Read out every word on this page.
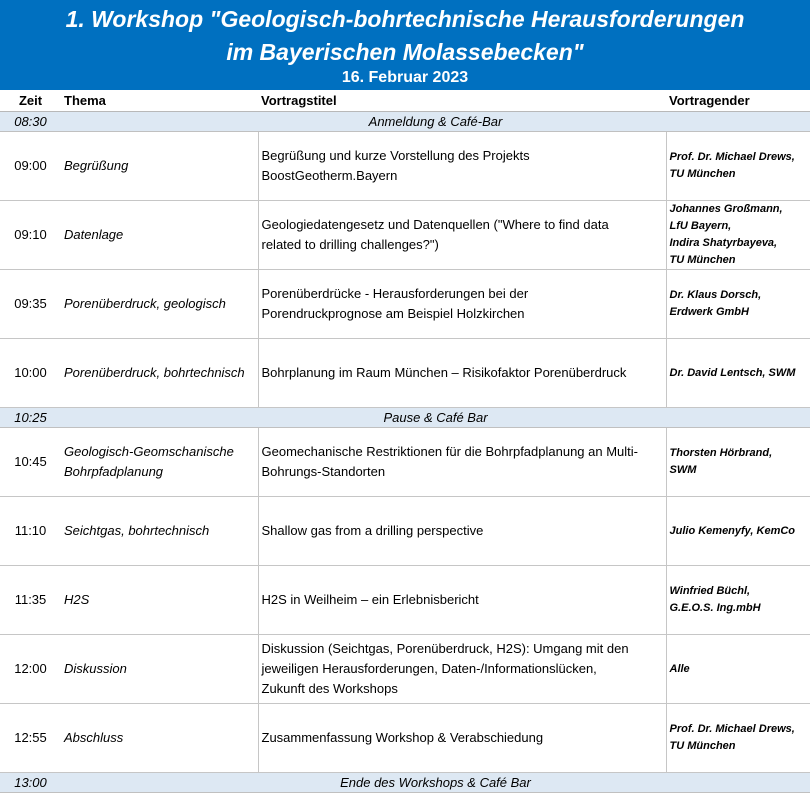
1. Workshop "Geologisch-bohrtechnische Herausforderungen
im Bayerischen Molassebecken"
16. Februar 2023
Zeit	Thema	Vortragstitel	Vortragender
08:30	Anmeldung & Café-Bar		
09:00	Begrüßung	Begrüßung und kurze Vorstellung des Projekts
BoostGeotherm.Bayern	Prof. Dr. Michael Drews,
TU München

09:10	Datenlage	Geologiedatengesetz und Datenquellen ("Where to find data
related to drilling challenges?")	Johannes Großmann,
LfU Bayern,
Indira Shatyrbayeva,
TU München

09:35	Porenüberdruck, geologisch	Porenüberdrücke - Herausforderungen bei der
Porendruckprognose am Beispiel Holzkirchen	Dr. Klaus Dorsch,
Erdwerk GmbH

10:00	Porenüberdruck, bohrtechnisch	Bohrplanung im Raum München – Risikofaktor Porenüberdruck	Dr. David Lentsch, SWM

10:25	Pause & Café Bar		
10:45	Geologisch-Geomschanische
Bohrpfadplanung	Geomechanische Restriktionen für die Bohrpfadplanung an Multi-
Bohrungs-Standorten	Thorsten Hörbrand,
SWM

11:10	Seichtgas, bohrtechnisch	Shallow gas from a drilling perspective	Julio Kemenyfy, KemCo

11:35	H2S	H2S in Weilheim – ein Erlebnisbericht	Winfried Büchl,
G.E.O.S. Ing.mbH

12:00	Diskussion	Diskussion (Seichtgas, Porenüberdruck, H2S): Umgang mit den
jeweiligen Herausforderungen, Daten-/Informationslücken,
Zukunft des Workshops	Alle

12:55	Abschluss	Zusammenfassung Workshop & Verabschiedung	Prof. Dr. Michael Drews,
TU München

13:00	Ende des Workshops & Café Bar		
